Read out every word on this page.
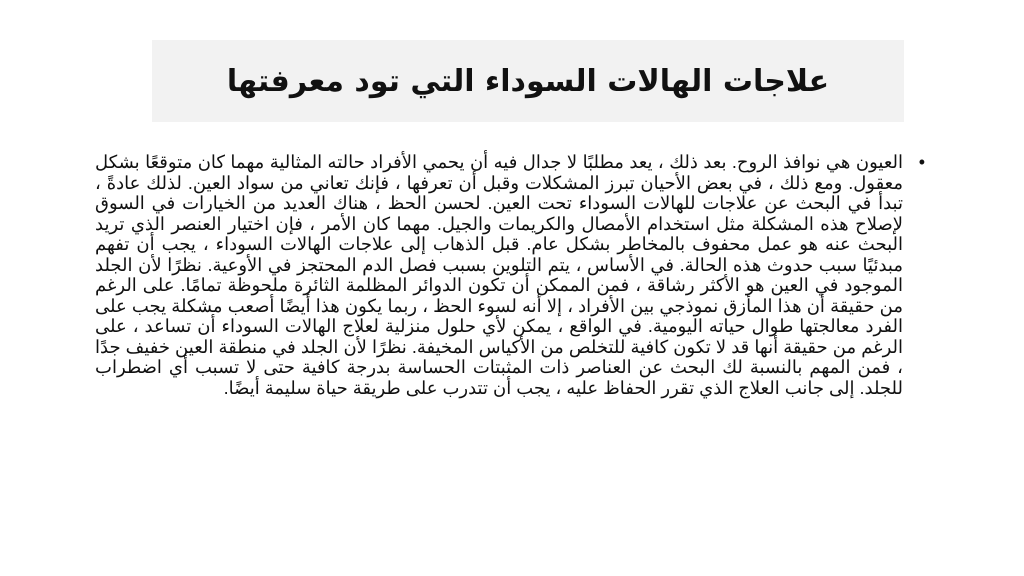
علاجات الهالات السوداء التي تود معرفتها
•
العيون هي نوافذ الروح. بعد ذلك ، يعد مطلبًا لا جدال فيه أن يحمي الأفراد حالته المثالية مهما كان متوقعًا بشكل معقول. ومع ذلك ، في بعض الأحيان تبرز المشكلات وقبل أن تعرفها ، فإنك تعاني من سواد العين. لذلك عادةً ، تبدأ في البحث عن علاجات للهالات السوداء تحت العين. لحسن الحظ ، هناك العديد من الخيارات في السوق لإصلاح هذه المشكلة مثل استخدام الأمصال والكريمات والجيل. مهما كان الأمر ، فإن اختيار العنصر الذي تريد البحث عنه هو عمل محفوف بالمخاطر بشكل عام. قبل الذهاب إلى علاجات الهالات السوداء ، يجب أن تفهم مبدئيًا سبب حدوث هذه الحالة. في الأساس ، يتم التلوين بسبب فصل الدم المحتجز في الأوعية. نظرًا لأن الجلد الموجود في العين هو الأكثر رشاقة ، فمن الممكن أن تكون الدوائر المظلمة الثائرة ملحوظة تمامًا. على الرغم من حقيقة أن هذا المأزق نموذجي بين الأفراد ، إلا أنه لسوء الحظ ، ربما يكون هذا أيضًا أصعب مشكلة يجب على الفرد معالجتها طوال حياته اليومية. في الواقع ، يمكن لأي حلول منزلية لعلاج الهالات السوداء أن تساعد ، على الرغم من حقيقة أنها قد لا تكون كافية للتخلص من الأكياس المخيفة. نظرًا لأن الجلد في منطقة العين خفيف جدًا ، فمن المهم بالنسبة لك البحث عن العناصر ذات المثبتات الحساسة بدرجة كافية حتى لا تسبب أي اضطراب للجلد. إلى جانب العلاج الذي تقرر الحفاظ عليه ، يجب أن تتدرب على طريقة حياة سليمة أيضًا.
